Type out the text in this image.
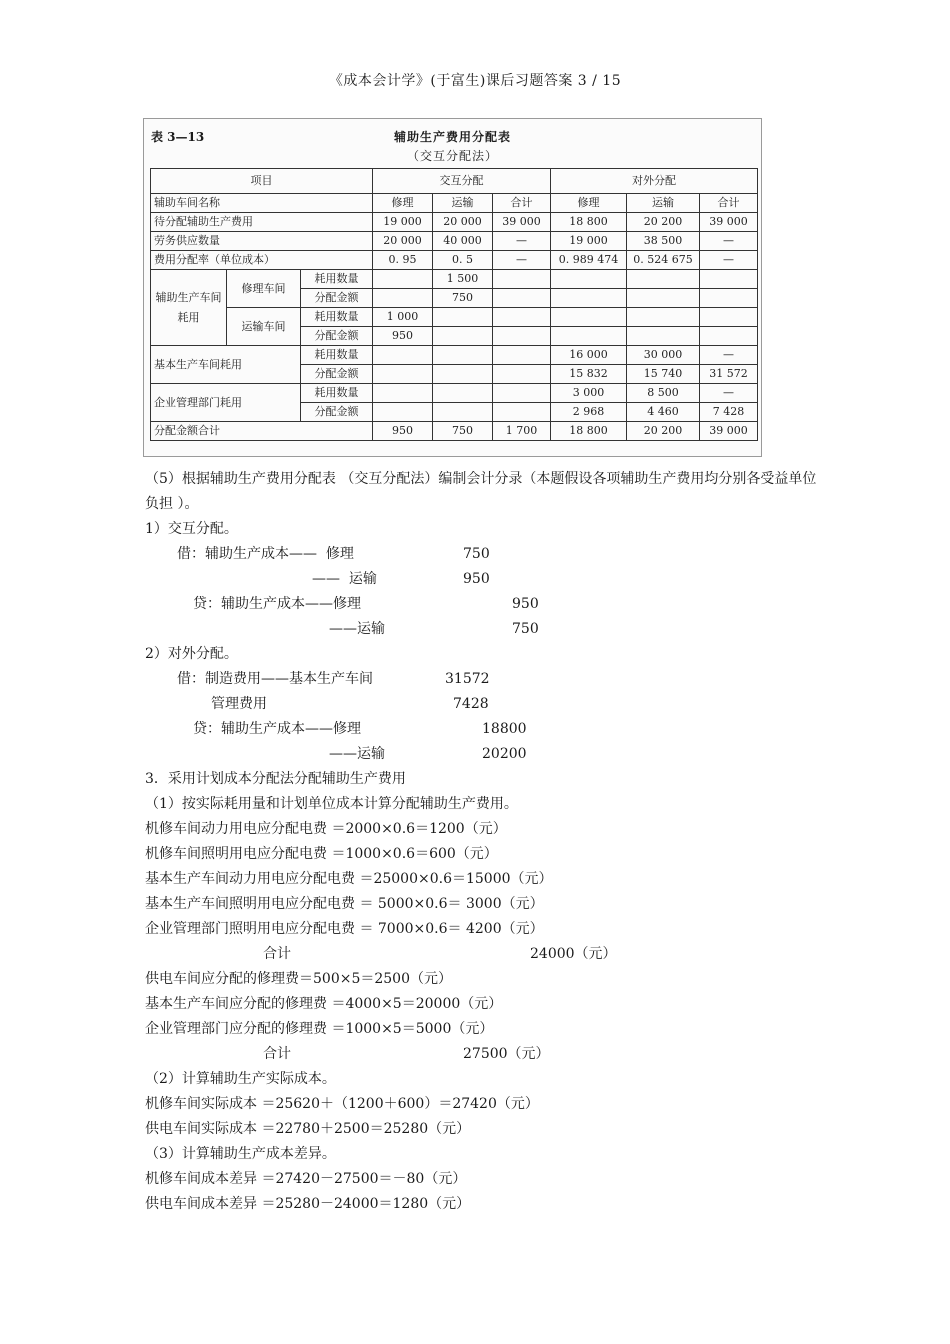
《成本会计学》(于富生)课后习题答案 3 / 15
表 3—13	辅助生产费用分配表
（交互分配法）
项目			交互分配			对外分配		
辅助车间名称			修理	运输	合计	修理	运输	合计
待分配辅助生产费用			19 000	20 000	39 000	18 800	20 200	39 000
劳务供应数量			20 000	40 000	—	19 000	38 500	—
费用分配率（单位成本）			0. 95	0. 5	—	0. 989 474	0. 524 675	—
辅助生产车间耗用	修理车间	耗用数量		1 500				
		分配金额		750				
	运输车间	耗用数量	1 000					
		分配金额	950					
基本生产车间耗用		耗用数量				16 000	30 000	—
		分配金额				15 832	15 740	31 572
企业管理部门耗用		耗用数量				3 000	8 500	—
		分配金额				2 968	4 460	7 428
分配金额合计			950	750	1 700	18 800	20 200	39 000
（5）根据辅助生产费用分配表 （交互分配法）编制会计分录（本题假设各项辅助生产费用均分别各受益单位负担 ）。
1）交互分配。
借：辅助生产成本——  修理	750
——  运输	950
贷：辅助生产成本——修理	950
——运输	750
2）对外分配。
借：制造费用——基本生产车间	31572
管理费用	7428
贷：辅助生产成本——修理	18800
——运输	20200
3．采用计划成本分配法分配辅助生产费用
（1）按实际耗用量和计划单位成本计算分配辅助生产费用。
机修车间动力用电应分配电费 ＝2000×0.6＝1200（元）
机修车间照明用电应分配电费 ＝1000×0.6＝600（元）
基本生产车间动力用电应分配电费 ＝25000×0.6＝15000（元）
基本生产车间照明用电应分配电费 ＝ 5000×0.6＝ 3000（元）
企业管理部门照明用电应分配电费 ＝ 7000×0.6＝ 4200（元）
合计	24000（元）
供电车间应分配的修理费＝500×5＝2500（元）
基本生产车间应分配的修理费 ＝4000×5＝20000（元）
企业管理部门应分配的修理费 ＝1000×5＝5000（元）
合计	27500（元）
（2）计算辅助生产实际成本。
机修车间实际成本 ＝25620＋（1200＋600）＝27420（元）
供电车间实际成本 ＝22780＋2500＝25280（元）
（3）计算辅助生产成本差异。
机修车间成本差异 ＝27420－27500＝－80（元）
供电车间成本差异 ＝25280－24000＝1280（元）
